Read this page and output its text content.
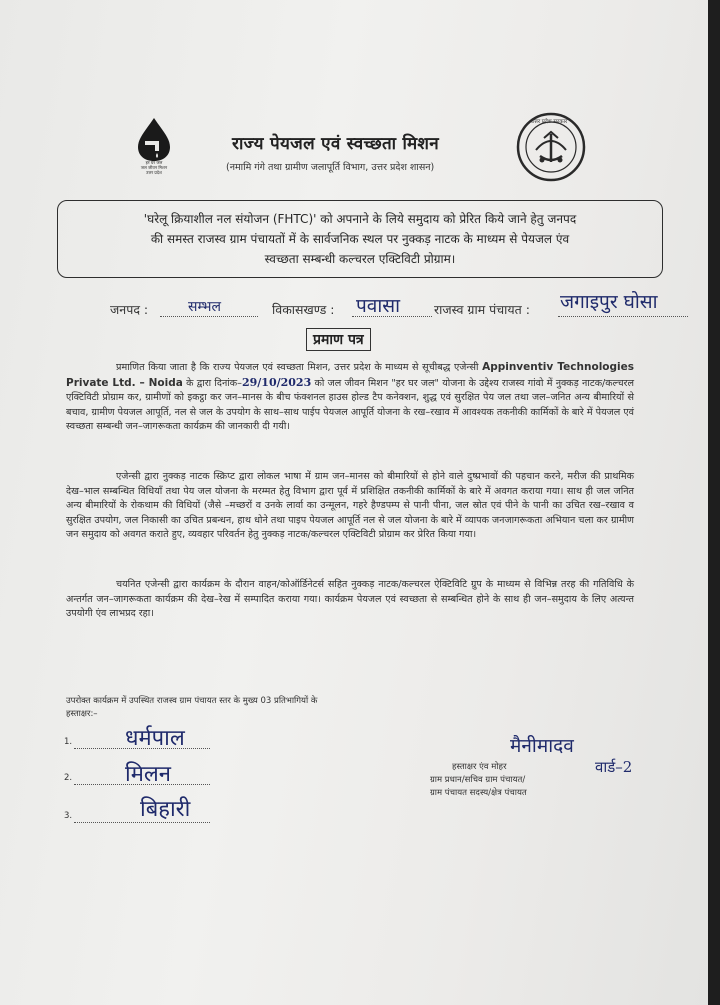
हर घर जल
जल जीवन मिशन
उत्तर प्रदेश
राज्य पेयजल एवं स्वच्छता मिशन
(नमामि गंगे तथा ग्रामीण जलापूर्ति विभाग, उत्तर प्रदेश शासन)
उत्तर प्रदेश सरकार
'घरेलू क्रियाशील नल संयोजन (FHTC)' को अपनाने के लिये समुदाय को प्रेरित किये जाने हेतु जनपद
की समस्त राजस्व ग्राम पंचायतों में के सार्वजनिक स्थल पर नुक्कड़ नाटक के माध्यम से पेयजल एंव
स्वच्छता सम्बन्धी कल्चरल एक्टिविटी प्रोग्राम।
जनपद :	सम्भल	विकासखण्ड : पवासा	राजस्व ग्राम पंचायत : जगाइपुर घोसा
प्रमाण पत्र
प्रमाणित किया जाता है कि राज्य पेयजल एवं स्वच्छता मिशन, उत्तर प्रदेश के माध्यम से सूचीबद्ध एजेन्सी Appinventiv Technologies Private Ltd. – Noida के द्वारा दिनांक–29/10/2023 को जल जीवन मिशन "हर घर जल" योजना के उद्देश्य राजस्व गांवो में नुक्कड़ नाटक/कल्चरल एक्टिविटी प्रोग्राम कर, ग्रामीणों को इकट्ठा कर जन–मानस के बीच फंक्शनल हाउस होल्ड टैप कनेक्शन, शुद्ध एवं सुरक्षित पेय जल तथा जल–जनित अन्य बीमारियों से बचाव, ग्रामीण पेयजल आपूर्ति, नल से जल के उपयोग के साथ–साथ पाईप पेयजल आपूर्ति योजना के रख–रखाव में आवश्यक तकनीकी कार्मिकों के बारे में पेयजल एवं स्वच्छता सम्बन्धी जन–जागरूकता कार्यक्रम की जानकारी दी गयी।
एजेन्सी द्वारा नुक्कड़ नाटक स्क्रिप्ट द्वारा लोकल भाषा में ग्राम जन–मानस को बीमारियों से होने वाले दुष्प्रभावों की पहचान करने, मरीज की प्राथमिक देख–भाल सम्बन्धित विधियाँ तथा पेय जल योजना के मरम्मत हेतु विभाग द्वारा पूर्व में प्रशिक्षित तकनीकी कार्मिकों के बारे में अवगत कराया गया। साथ ही जल जनित अन्य बीमारियों के रोकथाम की विधियों (जैसे –मच्छरों व उनके लार्वा का उन्मूलन, गहरे हैण्डपम्प से पानी पीना, जल स्रोत एवं पीने के पानी का उचित रख–रखाव व सुरक्षित उपयोग, जल निकासी का उचित प्रबन्धन, हाथ धोने तथा पाइप पेयजल आपूर्ति नल से जल योजना के बारे में व्यापक जनजागरूकता अभियान चला कर ग्रामीण जन समुदाय को अवगत कराते हुए, व्यवहार परिवर्तन हेतु नुक्कड़ नाटक/कल्चरल एक्टिविटी प्रोग्राम कर प्रेरित किया गया।
चयनित एजेन्सी द्वारा कार्यक्रम के दौरान वाहन/कोऑर्डिनेटर्स सहित नुक्कड़ नाटक/कल्चरल ऐक्टिविटि ग्रुप के माध्यम से विभिन्न तरह की गतिविधि के अन्तर्गत जन–जागरूकता कार्यक्रम की देख–रेख में सम्पादित कराया गया। कार्यक्रम पेयजल एवं स्वच्छता से सम्बन्धित होने के साथ ही जन–समुदाय के लिए अत्यन्त उपयोगी एंव लाभप्रद रहा।
उपरोक्त कार्यक्रम में उपस्थित राजस्व ग्राम पंचायत स्तर के मुख्य 03 प्रतिभागियों के
हस्ताक्षर:–
1. धर्मपाल
2. मिलन
3.	बिहारी
मैनीमादव
वार्ड–2
हस्ताक्षर एंव मोहर
ग्राम प्रधान/सचिव ग्राम पंचायत/
ग्राम पंचायत सदस्य/क्षेत्र पंचायत
